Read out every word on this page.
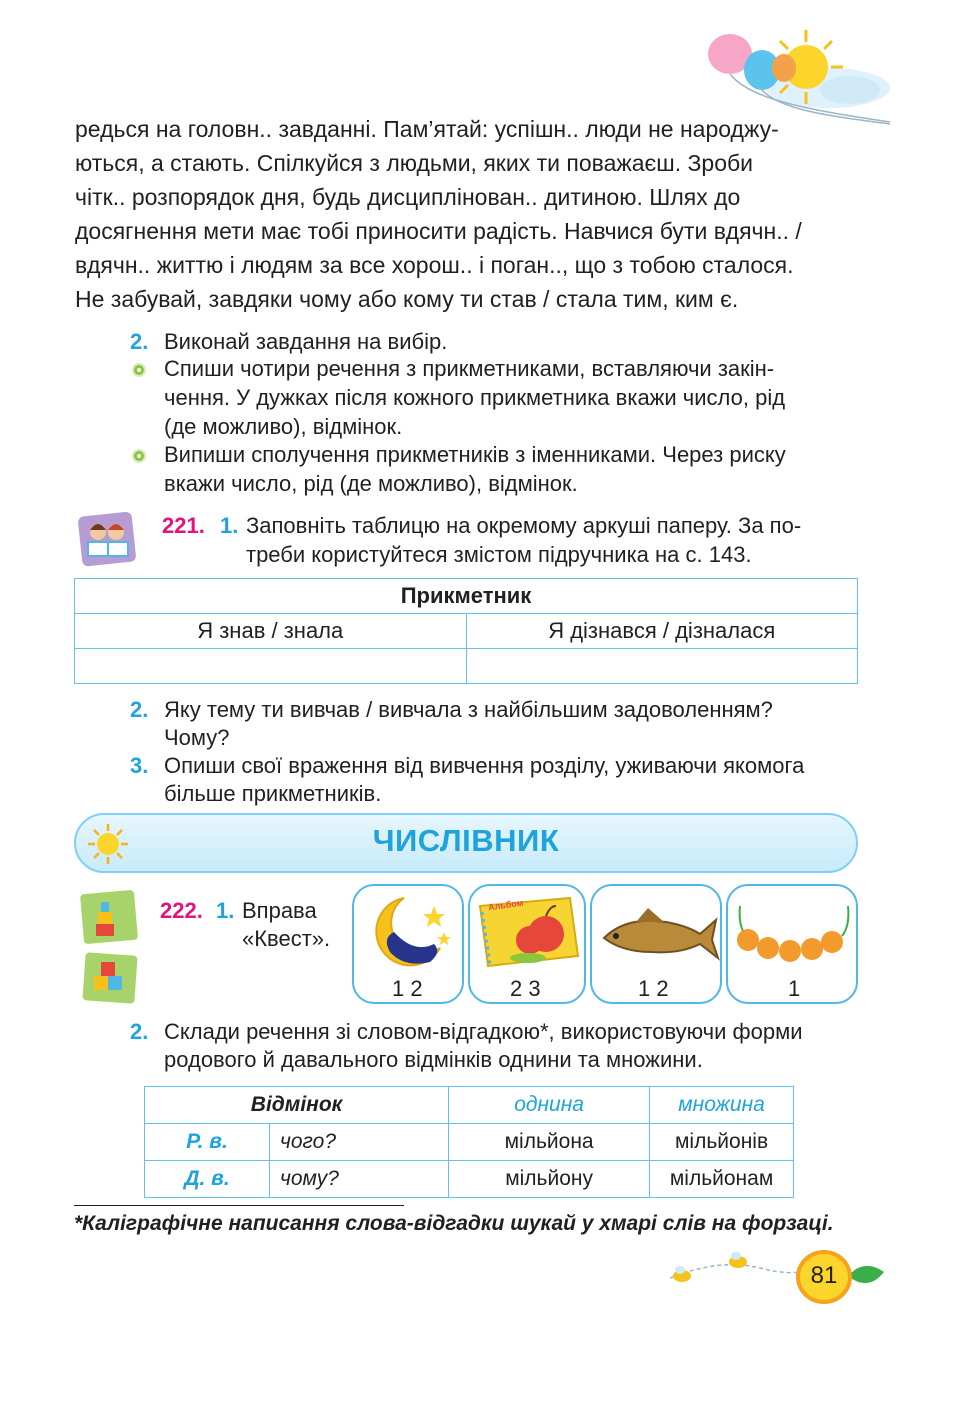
редься на головн.. завданні. Пам’ятай: успішн.. люди не народжу-
ються, а стають. Спілкуйся з людьми, яких ти поважаєш. Зроби
чітк.. розпорядок дня, будь дисциплінован.. дитиною. Шлях до
досягнення мети має тобі приносити радість. Навчися бути вдячн.. /
вдячн.. життю і людям за все хорош.. і поган.., що з тобою сталося.
Не забувай, завдяки чому або кому ти став / стала тим, ким є.
2. Виконай завдання на вибір.
Спиши чотири речення з прикметниками, вставляючи закін-
чення. У дужках після кожного прикметника вкажи число, рід
(де можливо), відмінок.
Випиши сполучення прикметників з іменниками. Через риску
вкажи число, рід (де можливо), відмінок.
221. 1. Заповніть таблицю на окремому аркуші паперу. За по-
треби користуйтеся змістом підручника на с. 143.
Прикметник	
Я знав / знала	Я дізнався / дізналася

2. Яку тему ти вивчав / вивчала з найбільшим задоволенням?
Чому?
3. Опиши свої враження від вивчення розділу, уживаючи якомога
більше прикметників.
ЧИСЛІВНИК
222. 1. Вправа
«Квест».
1 2
Альбом
2 3	1 2	1
2. Склади речення зі словом-відгадкою*, використовуючи форми
родового й давального відмінків однини та множини.
Відмінок		однина	множина
Р. в.	чого?	мільйона	мільйонів
Д. в.	чому?	мільйону	мільйонам
*Каліграфічне написання слова-відгадки шукай у хмарі слів на форзаці.
81
